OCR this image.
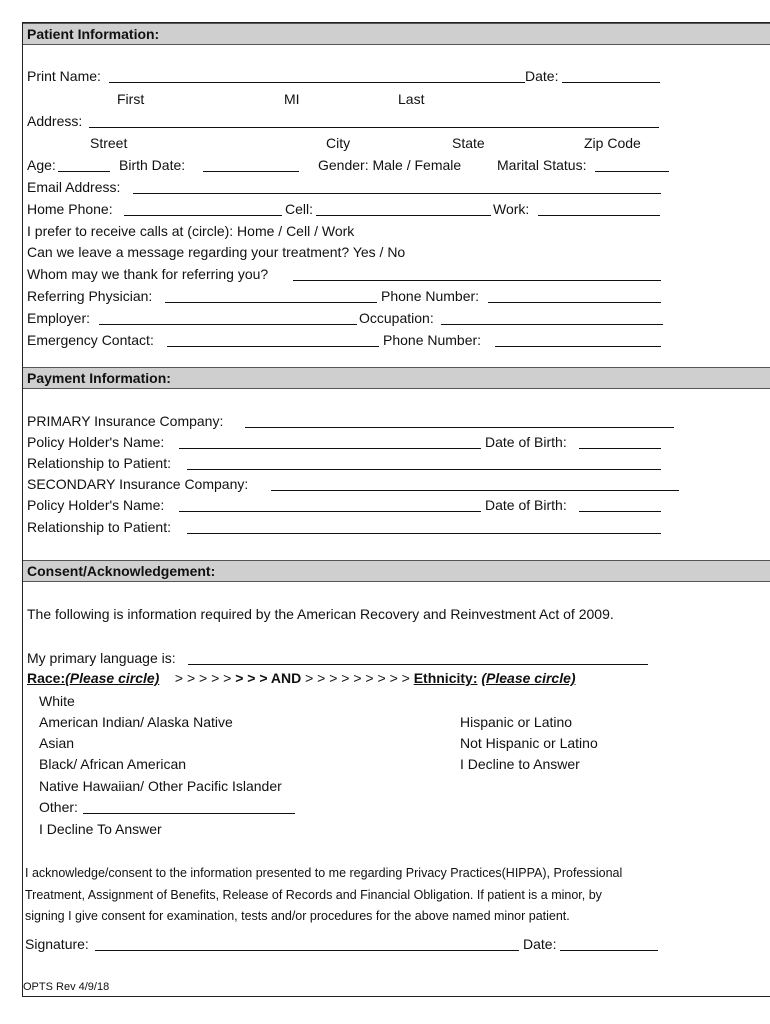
Patient Information:
Print Name:	Date:
First	MI	Last
Address:
Street	City	State	Zip Code
Age:	Birth Date:	Gender: Male / Female	Marital Status:
Email Address:
Home Phone:	Cell:	Work:
I prefer to receive calls at (circle): Home / Cell / Work
Can we leave a message regarding your treatment? Yes / No
Whom may we thank for referring you?
Referring Physician:	Phone Number:
Employer:	Occupation:
Emergency Contact:	Phone Number:
Payment Information:
PRIMARY Insurance Company:
Policy Holder's Name:	Date of Birth:
Relationship to Patient:
SECONDARY Insurance Company:
Policy Holder's Name:	Date of Birth:
Relationship to Patient:
Consent/Acknowledgement:
The following is information required by the American Recovery and Reinvestment Act of 2009.
My primary language is:
Race:(Please circle) > > > > > > > > AND > > > > > > > > > Ethnicity: (Please circle)
White
American Indian/ Alaska Native
Asian
Black/ African American
Native Hawaiian/ Other Pacific Islander
Other:
I Decline To Answer
Hispanic or Latino
Not Hispanic or Latino
I Decline to Answer
I acknowledge/consent to the information presented to me regarding Privacy Practices(HIPPA), Professional
Treatment, Assignment of Benefits, Release of Records and Financial Obligation. If patient is a minor, by
signing I give consent for examination, tests and/or procedures for the above named minor patient.
Signature:	Date:
OPTS Rev 4/9/18
